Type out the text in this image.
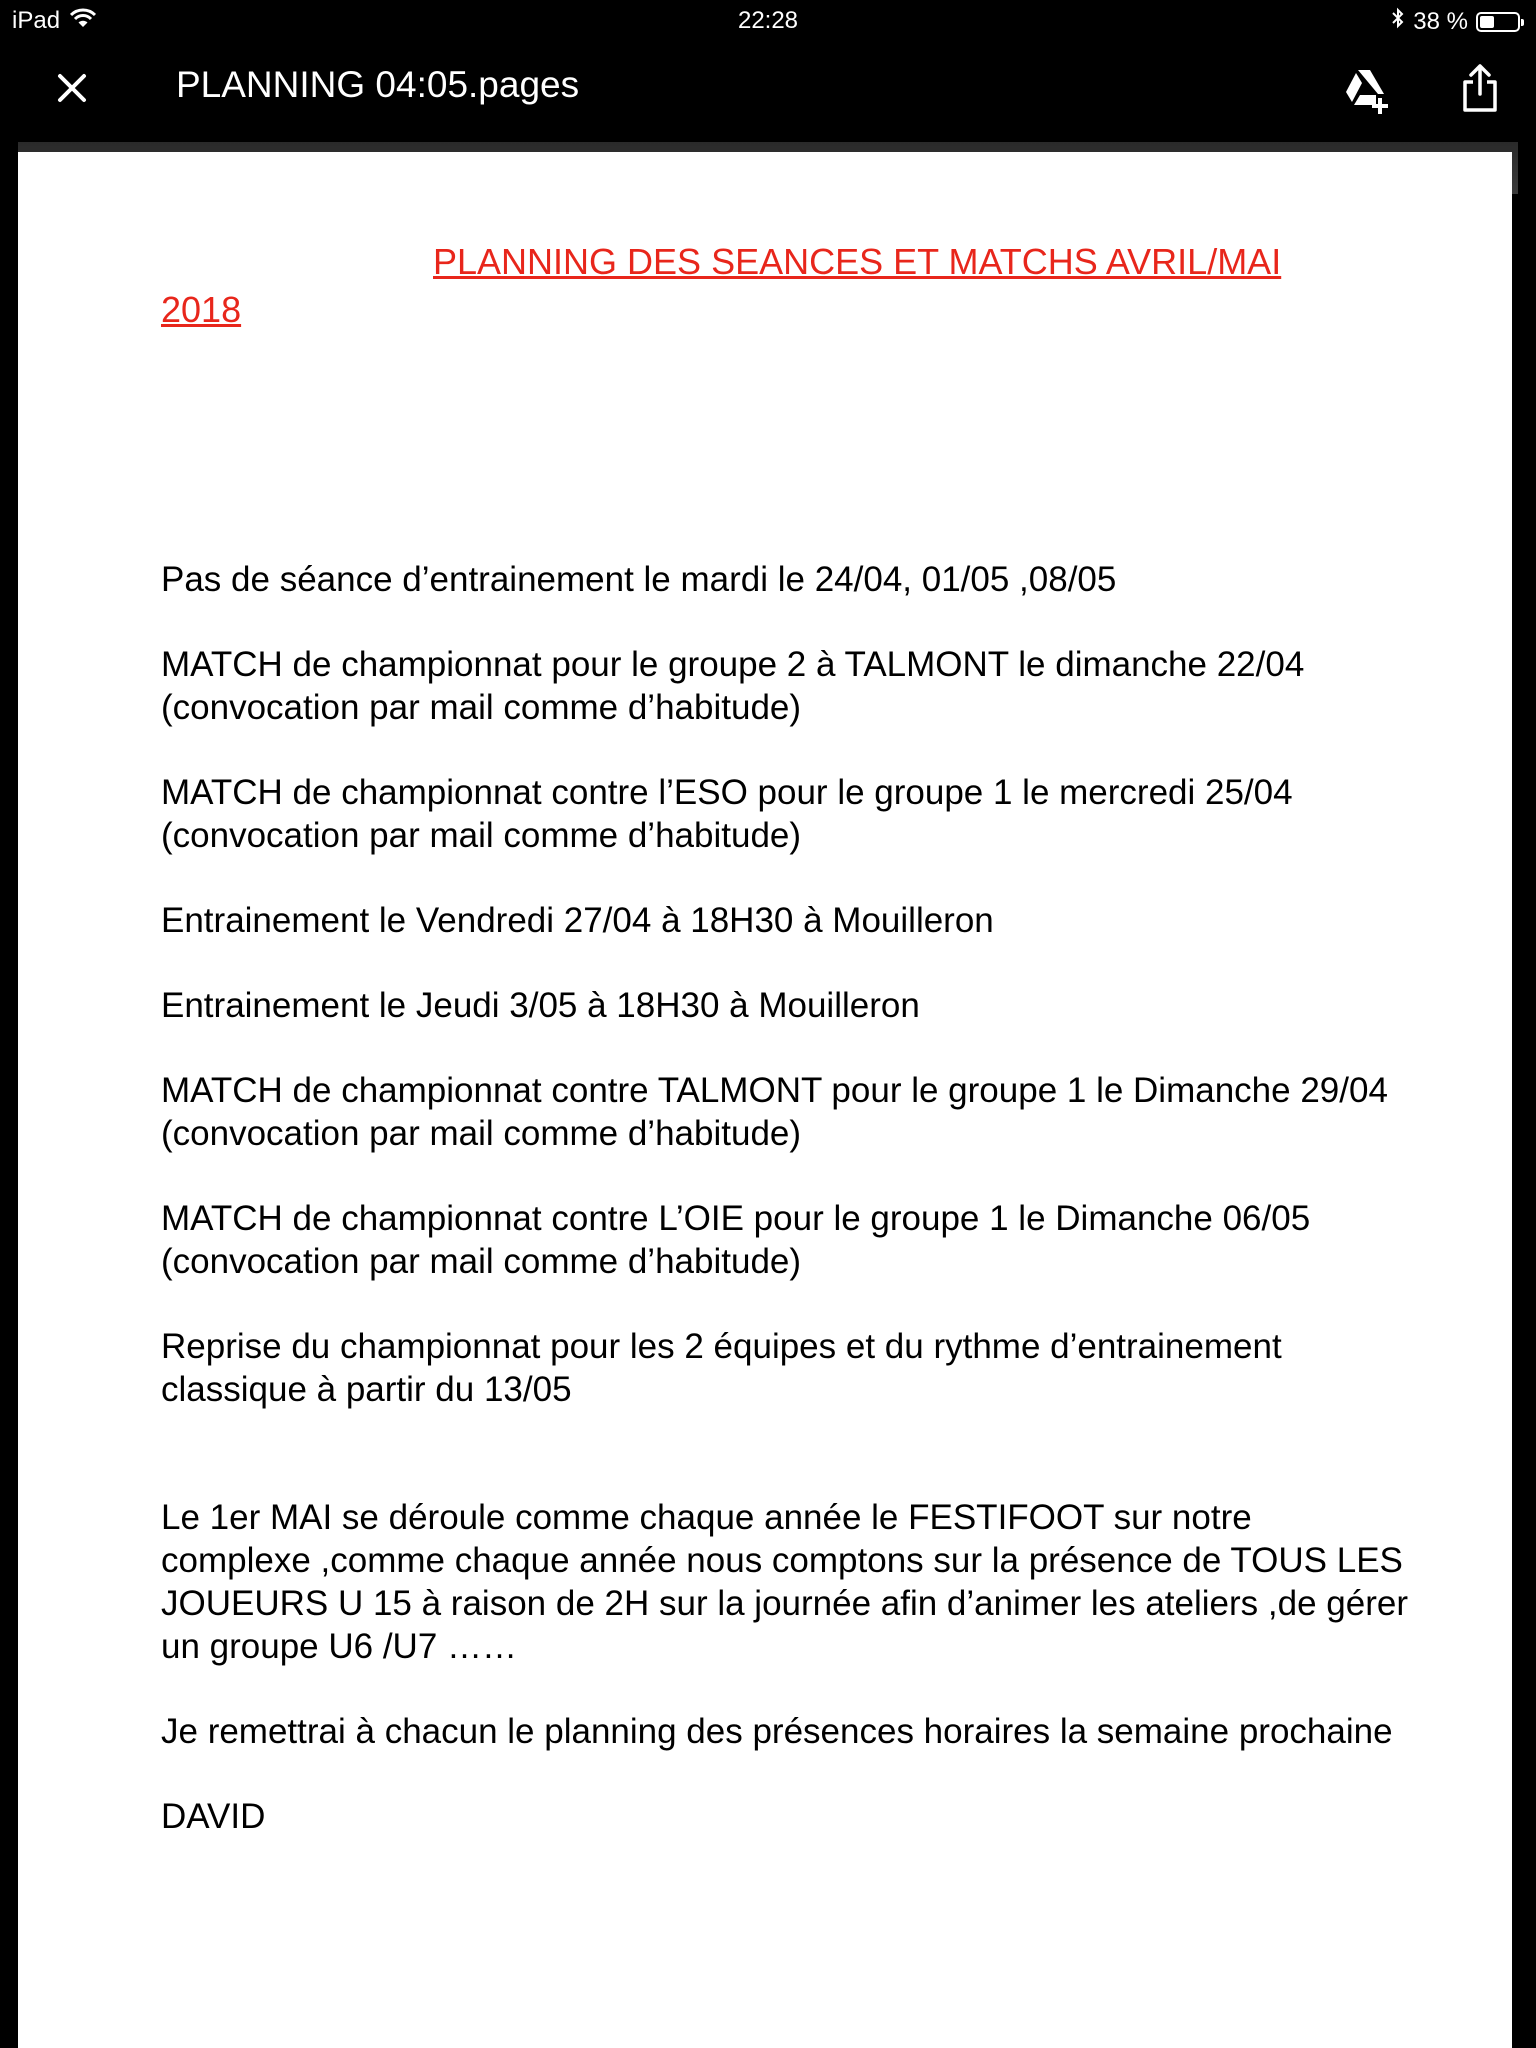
iPad	22:28	38 %
PLANNING 04:05.pages
PLANNING DES SEANCES ET MATCHS AVRIL/MAI 2018

Pas de séance d’entrainement le mardi le 24/04, 01/05 ,08/05

MATCH de championnat pour le groupe 2 à TALMONT le dimanche 22/04 (convocation par mail comme d’habitude)

MATCH de championnat contre l’ESO pour le groupe 1 le mercredi 25/04 (convocation par mail comme d’habitude)

Entrainement le Vendredi 27/04 à 18H30 à Mouilleron

Entrainement le Jeudi 3/05 à 18H30 à Mouilleron

MATCH de championnat contre TALMONT pour le groupe 1 le Dimanche 29/04 (convocation par mail comme d’habitude)

MATCH de championnat contre L’OIE pour le groupe 1 le Dimanche 06/05 (convocation par mail comme d’habitude)

Reprise du championnat pour les 2 équipes et du rythme d’entrainement classique à partir du 13/05

Le 1er MAI se déroule comme chaque année le FESTIFOOT sur notre complexe ,comme chaque année nous comptons sur la présence de TOUS LES JOUEURS U 15 à raison de 2H sur la journée afin d’animer les ateliers ,de gérer un groupe U6 /U7 ……

Je remettrai à chacun le planning des présences horaires la semaine prochaine

DAVID
